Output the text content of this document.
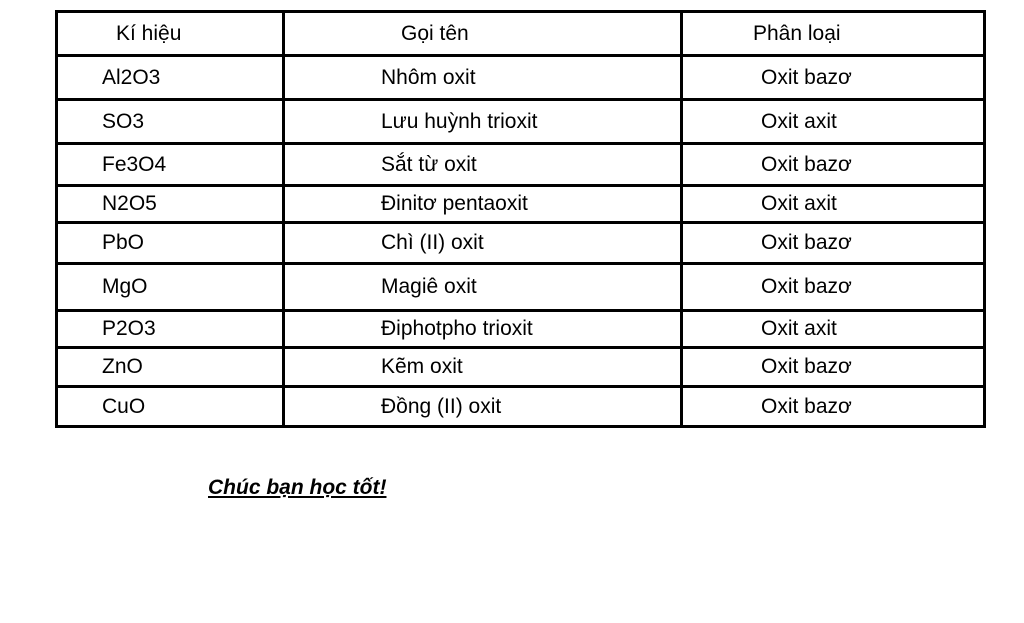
Kí hiệu	Gọi tên	Phân loại
Al2O3	Nhôm oxit	Oxit bazơ
SO3	Lưu huỳnh trioxit	Oxit axit
Fe3O4	Sắt từ oxit	Oxit bazơ
N2O5	Đinitơ pentaoxit	Oxit axit
PbO	Chì (II) oxit	Oxit bazơ
MgO	Magiê oxit	Oxit bazơ
P2O3	Điphotpho trioxit	Oxit axit
ZnO	Kẽm oxit	Oxit bazơ
CuO	Đồng (II) oxit	Oxit bazơ
Chúc bạn học tốt!
